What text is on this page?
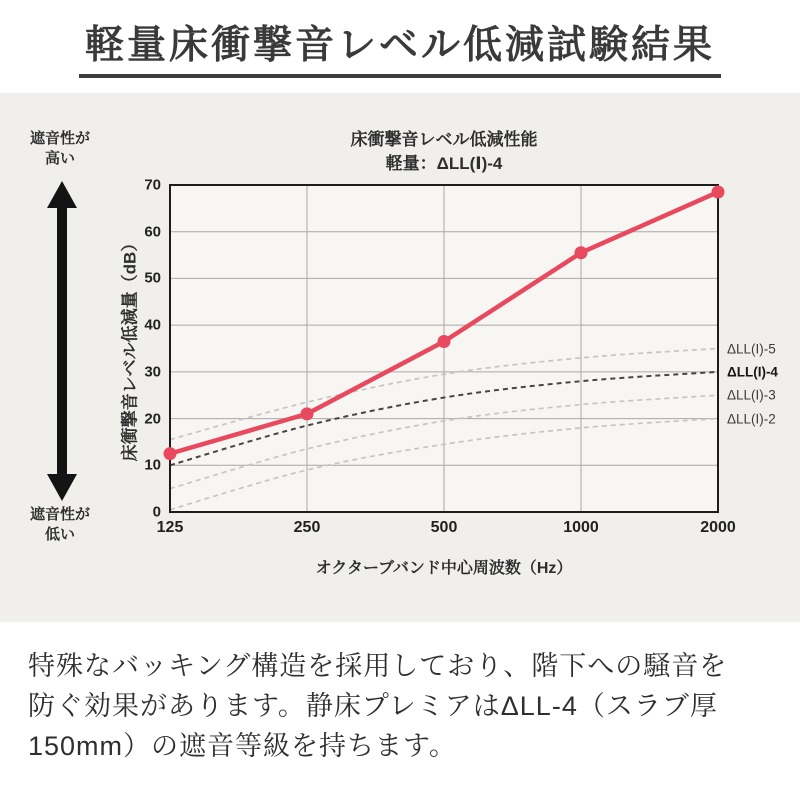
軽量床衝撃音レベル低減試験結果
遮音性が
高い
遮音性が
低い
床衝撃音レベル低減性能
軽量：ΔLL(Ⅰ)-4
0
10
20
30
40
50
60
70
125	250	500	1000	2000
ΔLL(I)-5
ΔLL(I)-4
ΔLL(I)-3
ΔLL(I)-2
床衝撃音レベル低減量（dB）
オクターブバンド中心周波数（Hz）
特殊なバッキング構造を採用しており、階下への騒音を
防ぐ効果があります。静床プレミアはΔLL-4（スラブ厚
150mm）の遮音等級を持ちます。
